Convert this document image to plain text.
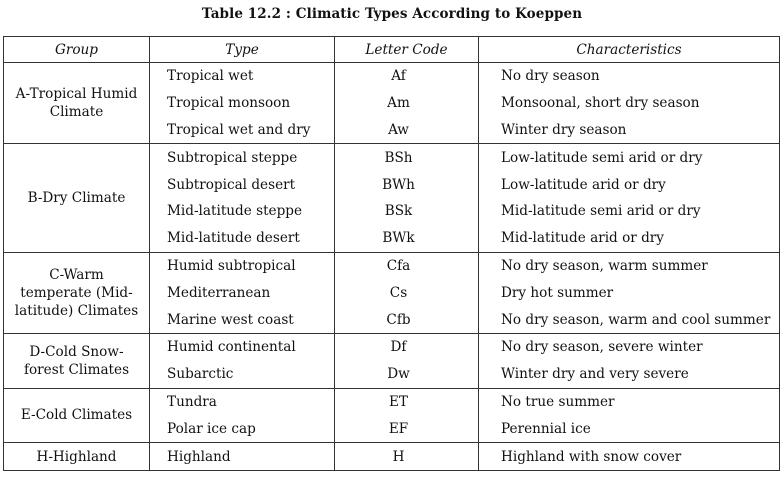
Table 12.2 : Climatic Types According to Koeppen
Group	Type	Letter Code	Characteristics
A-Tropical Humid Climate	Tropical wet	Af	No dry season
	Tropical monsoon	Am	Monsoonal, short dry season
	Tropical wet and dry	Aw	Winter dry season
B-Dry Climate	Subtropical steppe	BSh	Low-latitude semi arid or dry
	Subtropical desert	BWh	Low-latitude arid or dry
	Mid-latitude steppe	BSk	Mid-latitude semi arid or dry
	Mid-latitude desert	BWk	Mid-latitude arid or dry
C-Warm temperate (Mid-latitude) Climates	Humid subtropical	Cfa	No dry season, warm summer
	Mediterranean	Cs	Dry hot summer
	Marine west coast	Cfb	No dry season, warm and cool summer
D-Cold Snow-forest Climates	Humid continental	Df	No dry season, severe winter
	Subarctic	Dw	Winter dry and very severe
E-Cold Climates	Tundra	ET	No true summer
	Polar ice cap	EF	Perennial ice
H-Highland	Highland	H	Highland with snow cover
